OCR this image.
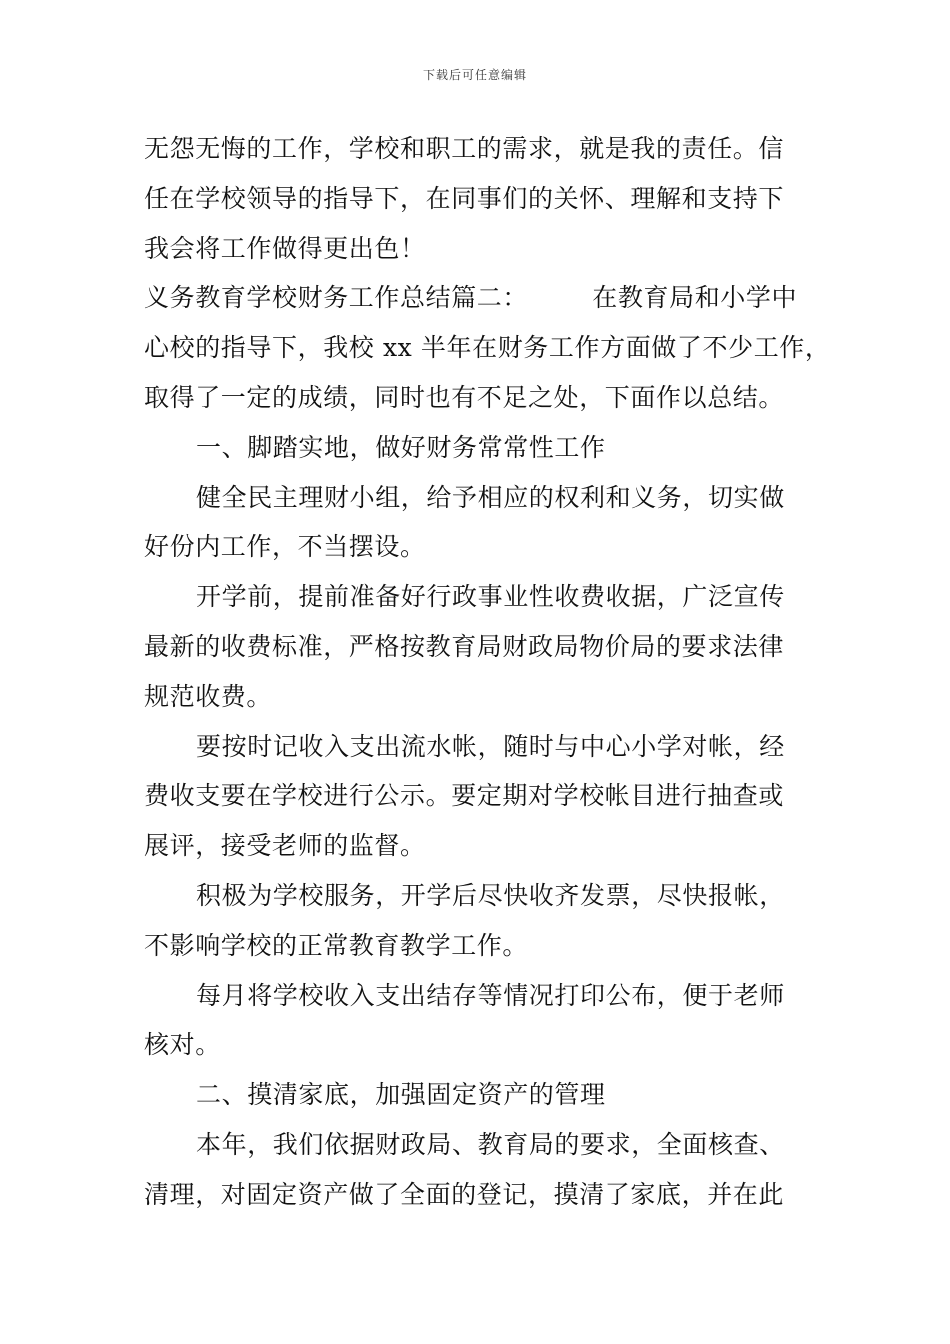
下载后可任意编辑
无怨无悔的工作，学校和职工的需求，就是我的责任。信
任在学校领导的指导下，在同事们的关怀、理解和支持下
我会将工作做得更出色！
义务教育学校财务工作总结篇二：　　　在教育局和小学中
心校的指导下，我校 xx 半年在财务工作方面做了不少工作，
取得了一定的成绩，同时也有不足之处，下面作以总结。
一、脚踏实地，做好财务常常性工作
健全民主理财小组，给予相应的权利和义务，切实做
好份内工作，不当摆设。
开学前，提前准备好行政事业性收费收据，广泛宣传
最新的收费标准，严格按教育局财政局物价局的要求法律
规范收费。
要按时记收入支出流水帐，随时与中心小学对帐，经
费收支要在学校进行公示。要定期对学校帐目进行抽查或
展评，接受老师的监督。
积极为学校服务，开学后尽快收齐发票，尽快报帐，
不影响学校的正常教育教学工作。
每月将学校收入支出结存等情况打印公布，便于老师
核对。
二、摸清家底，加强固定资产的管理
本年，我们依据财政局、教育局的要求，全面核查、
清理，对固定资产做了全面的登记，摸清了家底，并在此
